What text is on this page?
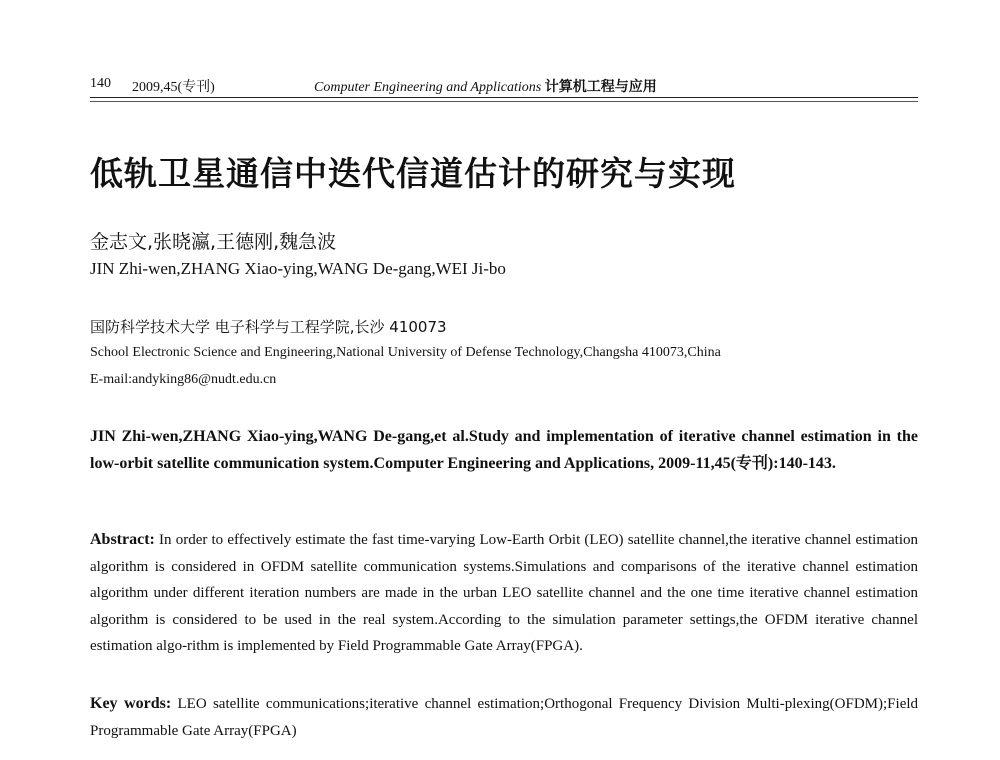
140 2009,45(专刊)	Computer Engineering and Applications 计算机工程与应用
低轨卫星通信中迭代信道估计的研究与实现
金志文,张晓瀛,王德刚,魏急波
JIN Zhi-wen,ZHANG Xiao-ying,WANG De-gang,WEI Ji-bo
国防科学技术大学 电子科学与工程学院,长沙 410073
School Electronic Science and Engineering,National University of Defense Technology,Changsha 410073,China
E-mail:andyking86@nudt.edu.cn
JIN Zhi-wen,ZHANG Xiao-ying,WANG De-gang,et al.Study and implementation of iterative channel estimation in the low-orbit satellite communication system.Computer Engineering and Applications, 2009-11,45(专刊):140-143.
Abstract: In order to effectively estimate the fast time-varying Low-Earth Orbit (LEO) satellite channel,the iterative channel estimation algorithm is considered in OFDM satellite communication systems.Simulations and comparisons of the iterative channel estimation algorithm under different iteration numbers are made in the urban LEO satellite channel and the one time iterative channel estimation algorithm is considered to be used in the real system.According to the simulation parameter settings,the OFDM iterative channel estimation algo-rithm is implemented by Field Programmable Gate Array(FPGA).
Key words: LEO satellite communications;iterative channel estimation;Orthogonal Frequency Division Multi-plexing(OFDM);Field Programmable Gate Array(FPGA)
